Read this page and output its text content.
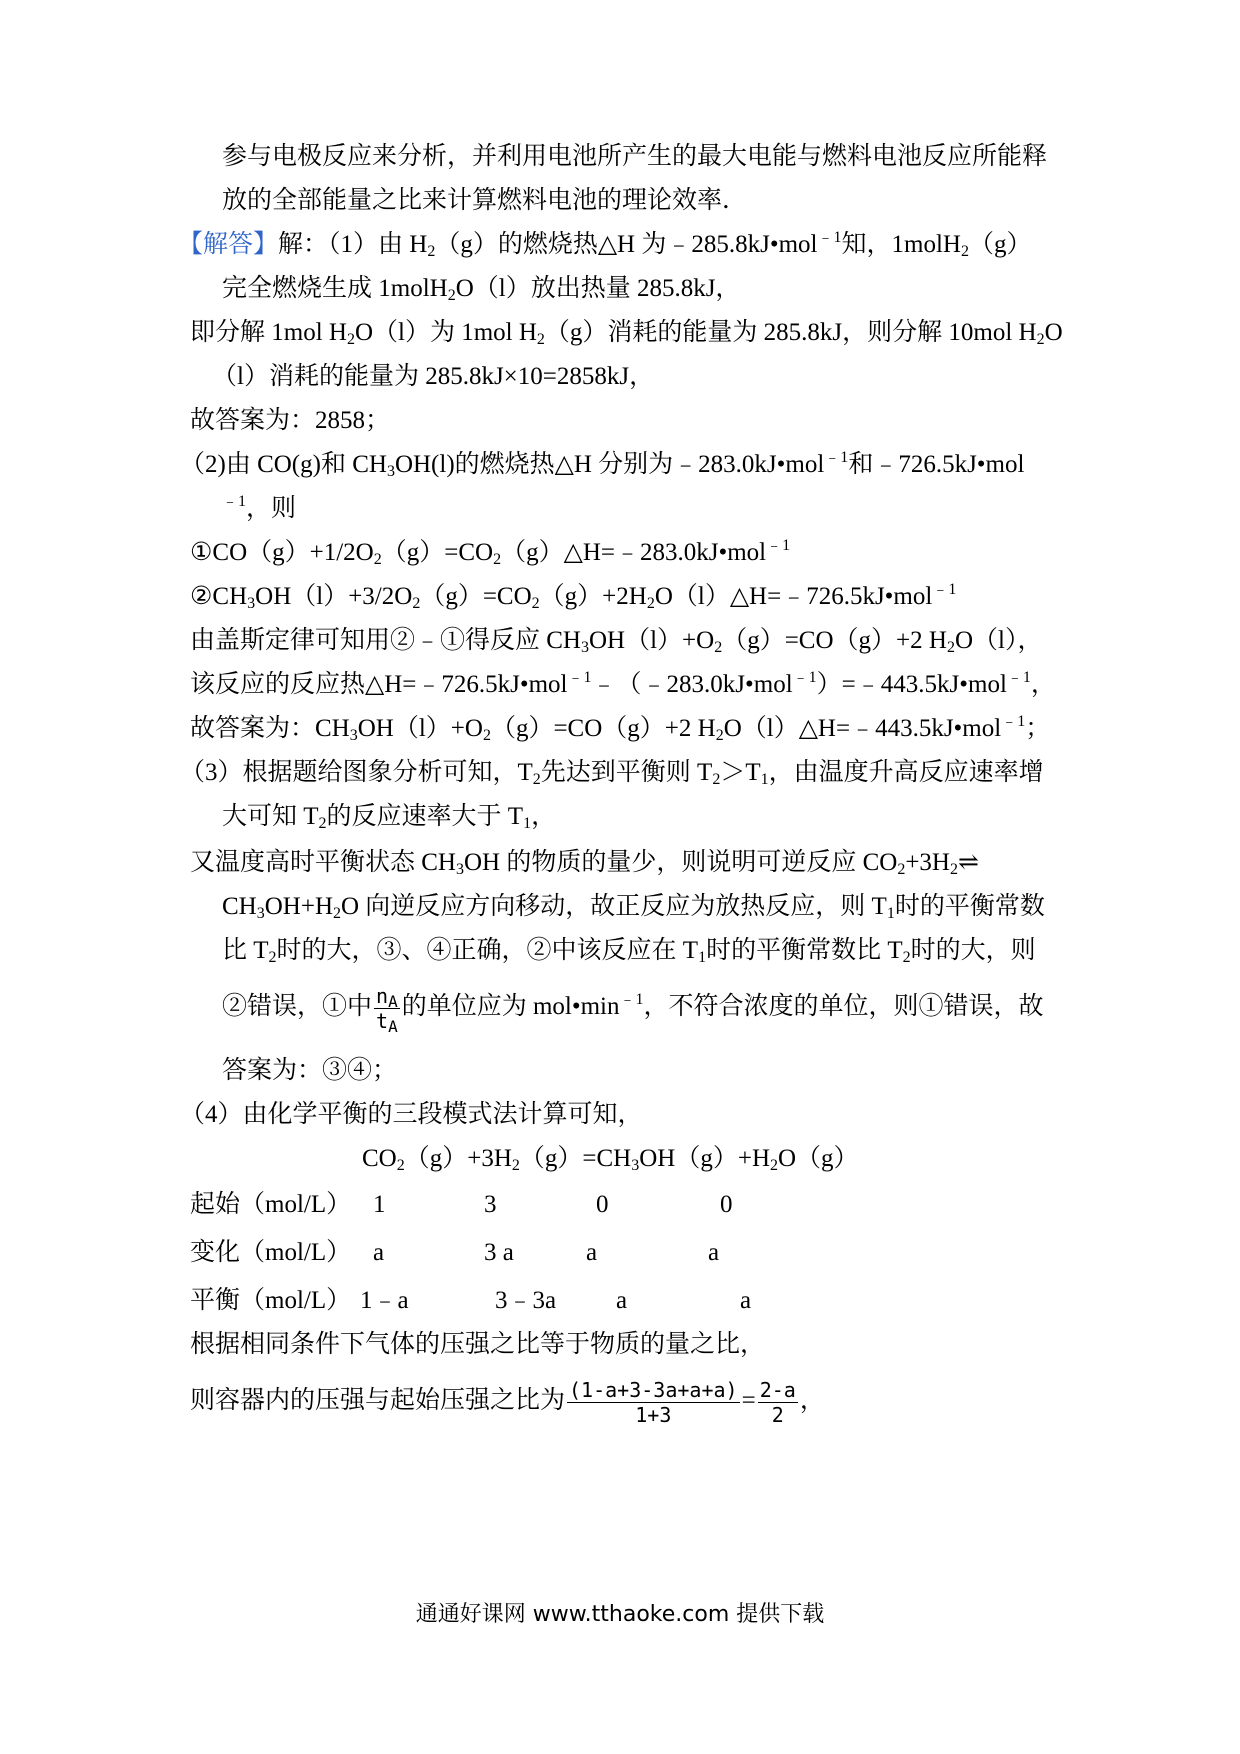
参与电极反应来分析，并利用电池所产生的最大电能与燃料电池反应所能释
放的全部能量之比来计算燃料电池的理论效率．
【解答】解：（1）由 $H_2(g)$的燃烧热△H 为﹣285.8kJ•mol$^{﹣1}$知，1molH$_2$（g）
完全燃烧生成 1molH$_2$O（l）放出热量 285.8kJ，
即分解 1mol $H_2O(l)$为 1mol $H_2(g)$消耗的能量为 285.8kJ，则分解 10mol $H_2O$
（l）消耗的能量为 285.8kJ×10=2858kJ，
故答案为：2858；
（2)由 CO(g)和 $CH_3OH(l)$的燃烧热△H 分别为﹣283.0kJ•mol$^{﹣1}$和﹣726.5kJ•mol
$^{﹣1}$，则
$①CO(g)+1/2O_2(g)=CO_2(g)\triangle H=﹣283.0kJ•mol^{﹣1}$
$②CH_3OH(l)+3/2O_2(g)=CO_2(g)+2H_2O(l)\triangle H=﹣726.5kJ•mol^{﹣1}$
由盖斯定律可知用②﹣①得反应 $CH_3OH(l)+O_2(g)=CO(g)+2$ $H_2O(l)$，
该反应的反应热△H=﹣726.5kJ•mol$^{﹣1}$﹣（﹣283.0kJ•mol$^{﹣1}$）=﹣443.5kJ•mol$^{﹣1}$，
故答案为：$CH_3OH(l)+O_2(g)=CO(g)+2$ $H_2O(l)\triangle H=﹣443.5kJ•mol^{﹣1}$；
（3）根据题给图象分析可知，$T_2$先达到平衡则 $T_2>T_1$，由温度升高反应速率增
大可知 $T_2$的反应速率大于 $T_1$，
又温度高时平衡状态 $CH_3OH$ 的物质的量少，则说明可逆反应 $CO_2+3H_2\rightleftharpoons$
$CH_3OH+H_2O$ 向逆反应方向移动，故正反应为放热反应，则 $T_1$时的平衡常数
比 $T_2$时的大，③、④正确，②中该反应在 $T_1$时的平衡常数比 $T_2$时的大，则
②错误，①中 $\frac{n_A}{t_A}$ 的单位应为 $mol•\min^{﹣1}$，不符合浓度的单位，则①错误，故
答案为：③④；
（4）由化学平衡的三段模式法计算可知，
$CO_2(g)+3H_2(g)=CH_3OH(g)+H_2O(g)$
起始（mol/L） 1	3	0	0
变化（mol/L） a	3 a	a	a
平衡（mol/L） 1﹣a	3﹣3a a	a
根据相同条件下气体的压强之比等于物质的量之比，
则容器内的压强与起始压强之比为 $\frac{(1-a+3-3a+a+a)}{1+3} = \frac{2-a}{2}$ ，
通通好课网 www.tthaoke.com 提供下载
